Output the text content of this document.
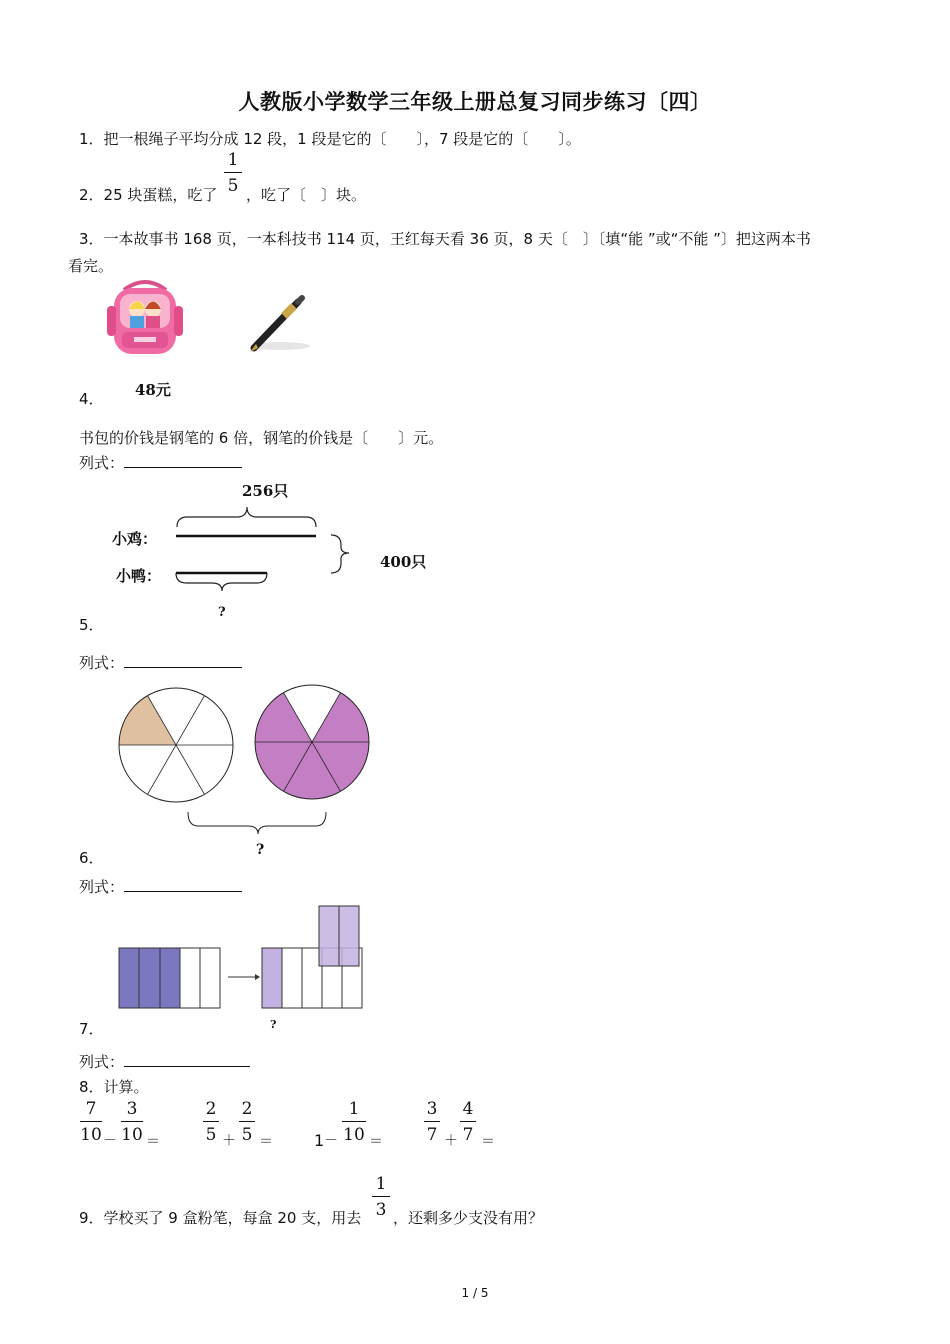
人教版小学数学三年级上册总复习同步练习〔四〕
1．把一根绳子平均分成 12 段，1 段是它的〔　　〕，7 段是它的〔　　〕。
2．25 块蛋糕，吃了
1
5 ，吃了〔　〕块。
3．一本故事书 168 页，一本科技书 114 页，王红每天看 36 页，8 天〔　〕〔填“能 ”或“不能 ”〕把这两本书
看完。
48元
4．
书包的价钱是钢笔的 6 倍，钢笔的价钱是〔　　〕元。
列式：
256只
小鸡：
小鸭：
400只
?
5．
列式：
?
6．
列式：
?
7．
列式：
8．计算。
7
10 －
3
10 ＝
2
5 ＋
2
5 ＝	1 －
1
10 ＝
3
7 ＋
4
7 ＝
9．学校买了 9 盒粉笔，每盒 20 支，用去
1
3 ，还剩多少支没有用？
1 / 5
